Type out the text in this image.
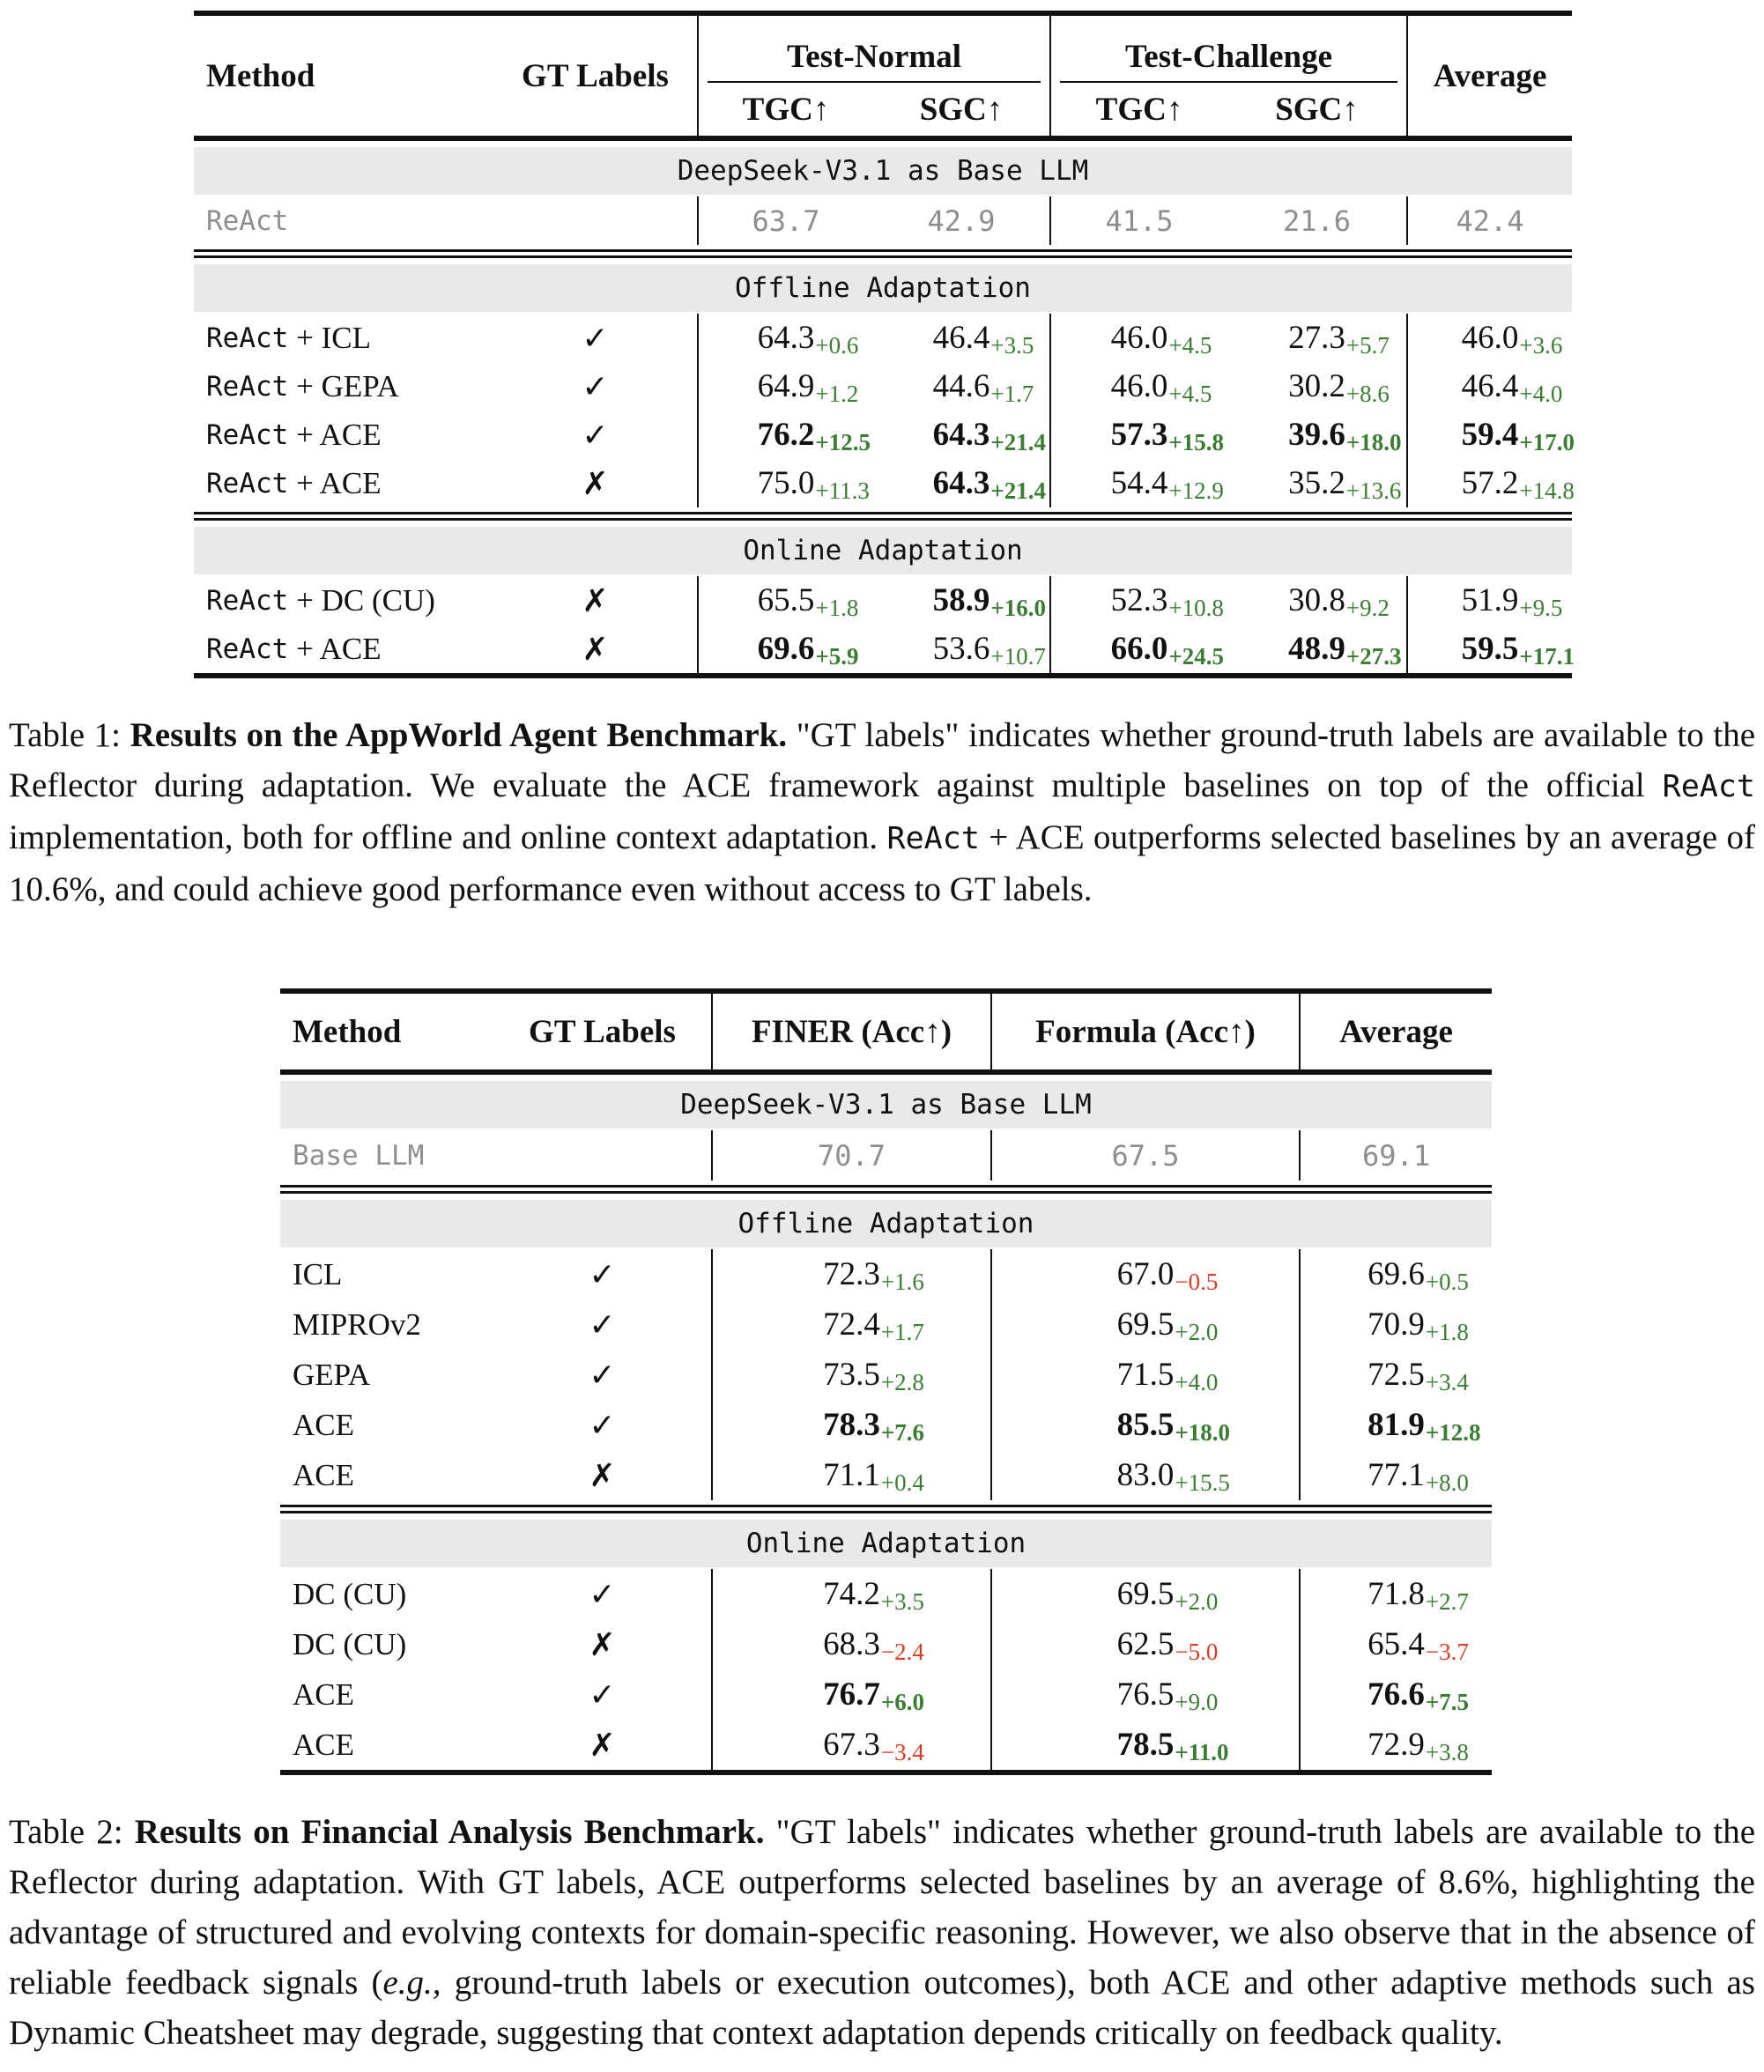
Method	GT Labels
Test-Normal	Test-Challenge
Average
TGC↑	SGC↑	TGC↑	SGC↑
DeepSeek-V3.1 as Base LLM
ReAct	63.7	42.9	41.5	21.6	42.4
Offline Adaptation
ReAct + ICL	✓	64.3 +0.6 46.4 +3.5 46.0 +4.5 27.3 +5.7 46.0 +3.6
ReAct + GEPA	✓	64.9 +1.2 44.6 +1.7 46.0 +4.5 30.2 +8.6 46.4 +4.0
ReAct + ACE	✓	76.2 +12.5 64.3 +21.4 57.3 +15.8 39.6 +18.0 59.4 +17.0
ReAct + ACE	✗	75.0 +11.3 64.3 +21.4 54.4 +12.9 35.2 +13.6 57.2 +14.8
Online Adaptation
ReAct + DC (CU)	✗	65.5 +1.8 58.9 +16.0 52.3 +10.8 30.8 +9.2 51.9 +9.5
ReAct + ACE	✗	69.6 +5.9 53.6 +10.7 66.0 +24.5 48.9 +27.3 59.5 +17.1

Table 1: Results on the AppWorld Agent Benchmark. "GT labels" indicates whether ground-truth labels are available to the Reflector during adaptation. We evaluate the ACE framework against multiple baselines on top of the official ReAct implementation, both for offline and online context adaptation. ReAct + ACE outperforms selected baselines by an average of 10.6%, and could achieve good performance even without access to GT labels.

Method	GT Labels	FINER (Acc↑)	Formula (Acc↑)	Average
DeepSeek-V3.1 as Base LLM
Base LLM	70.7	67.5	69.1
Offline Adaptation
ICL	✓	72.3 +1.6	67.0 −0.5	69.6 +0.5
MIPROv2	✓	72.4 +1.7	69.5 +2.0	70.9 +1.8
GEPA	✓	73.5 +2.8	71.5 +4.0	72.5 +3.4
ACE	✓	78.3 +7.6	85.5 +18.0	81.9 +12.8
ACE	✗	71.1 +0.4	83.0 +15.5	77.1 +8.0
Online Adaptation
DC (CU)	✓	74.2 +3.5	69.5 +2.0	71.8 +2.7
DC (CU)	✗	68.3 −2.4	62.5 −5.0	65.4 −3.7
ACE	✓	76.7 +6.0	76.5 +9.0	76.6 +7.5
ACE	✗	67.3 −3.4	78.5 +11.0	72.9 +3.8

Table 2: Results on Financial Analysis Benchmark. "GT labels" indicates whether ground-truth labels are available to the Reflector during adaptation. With GT labels, ACE outperforms selected baselines by an average of 8.6%, highlighting the advantage of structured and evolving contexts for domain-specific reasoning. However, we also observe that in the absence of reliable feedback signals (e.g., ground-truth labels or execution outcomes), both ACE and other adaptive methods such as Dynamic Cheatsheet may degrade, suggesting that context adaptation depends critically on feedback quality.
